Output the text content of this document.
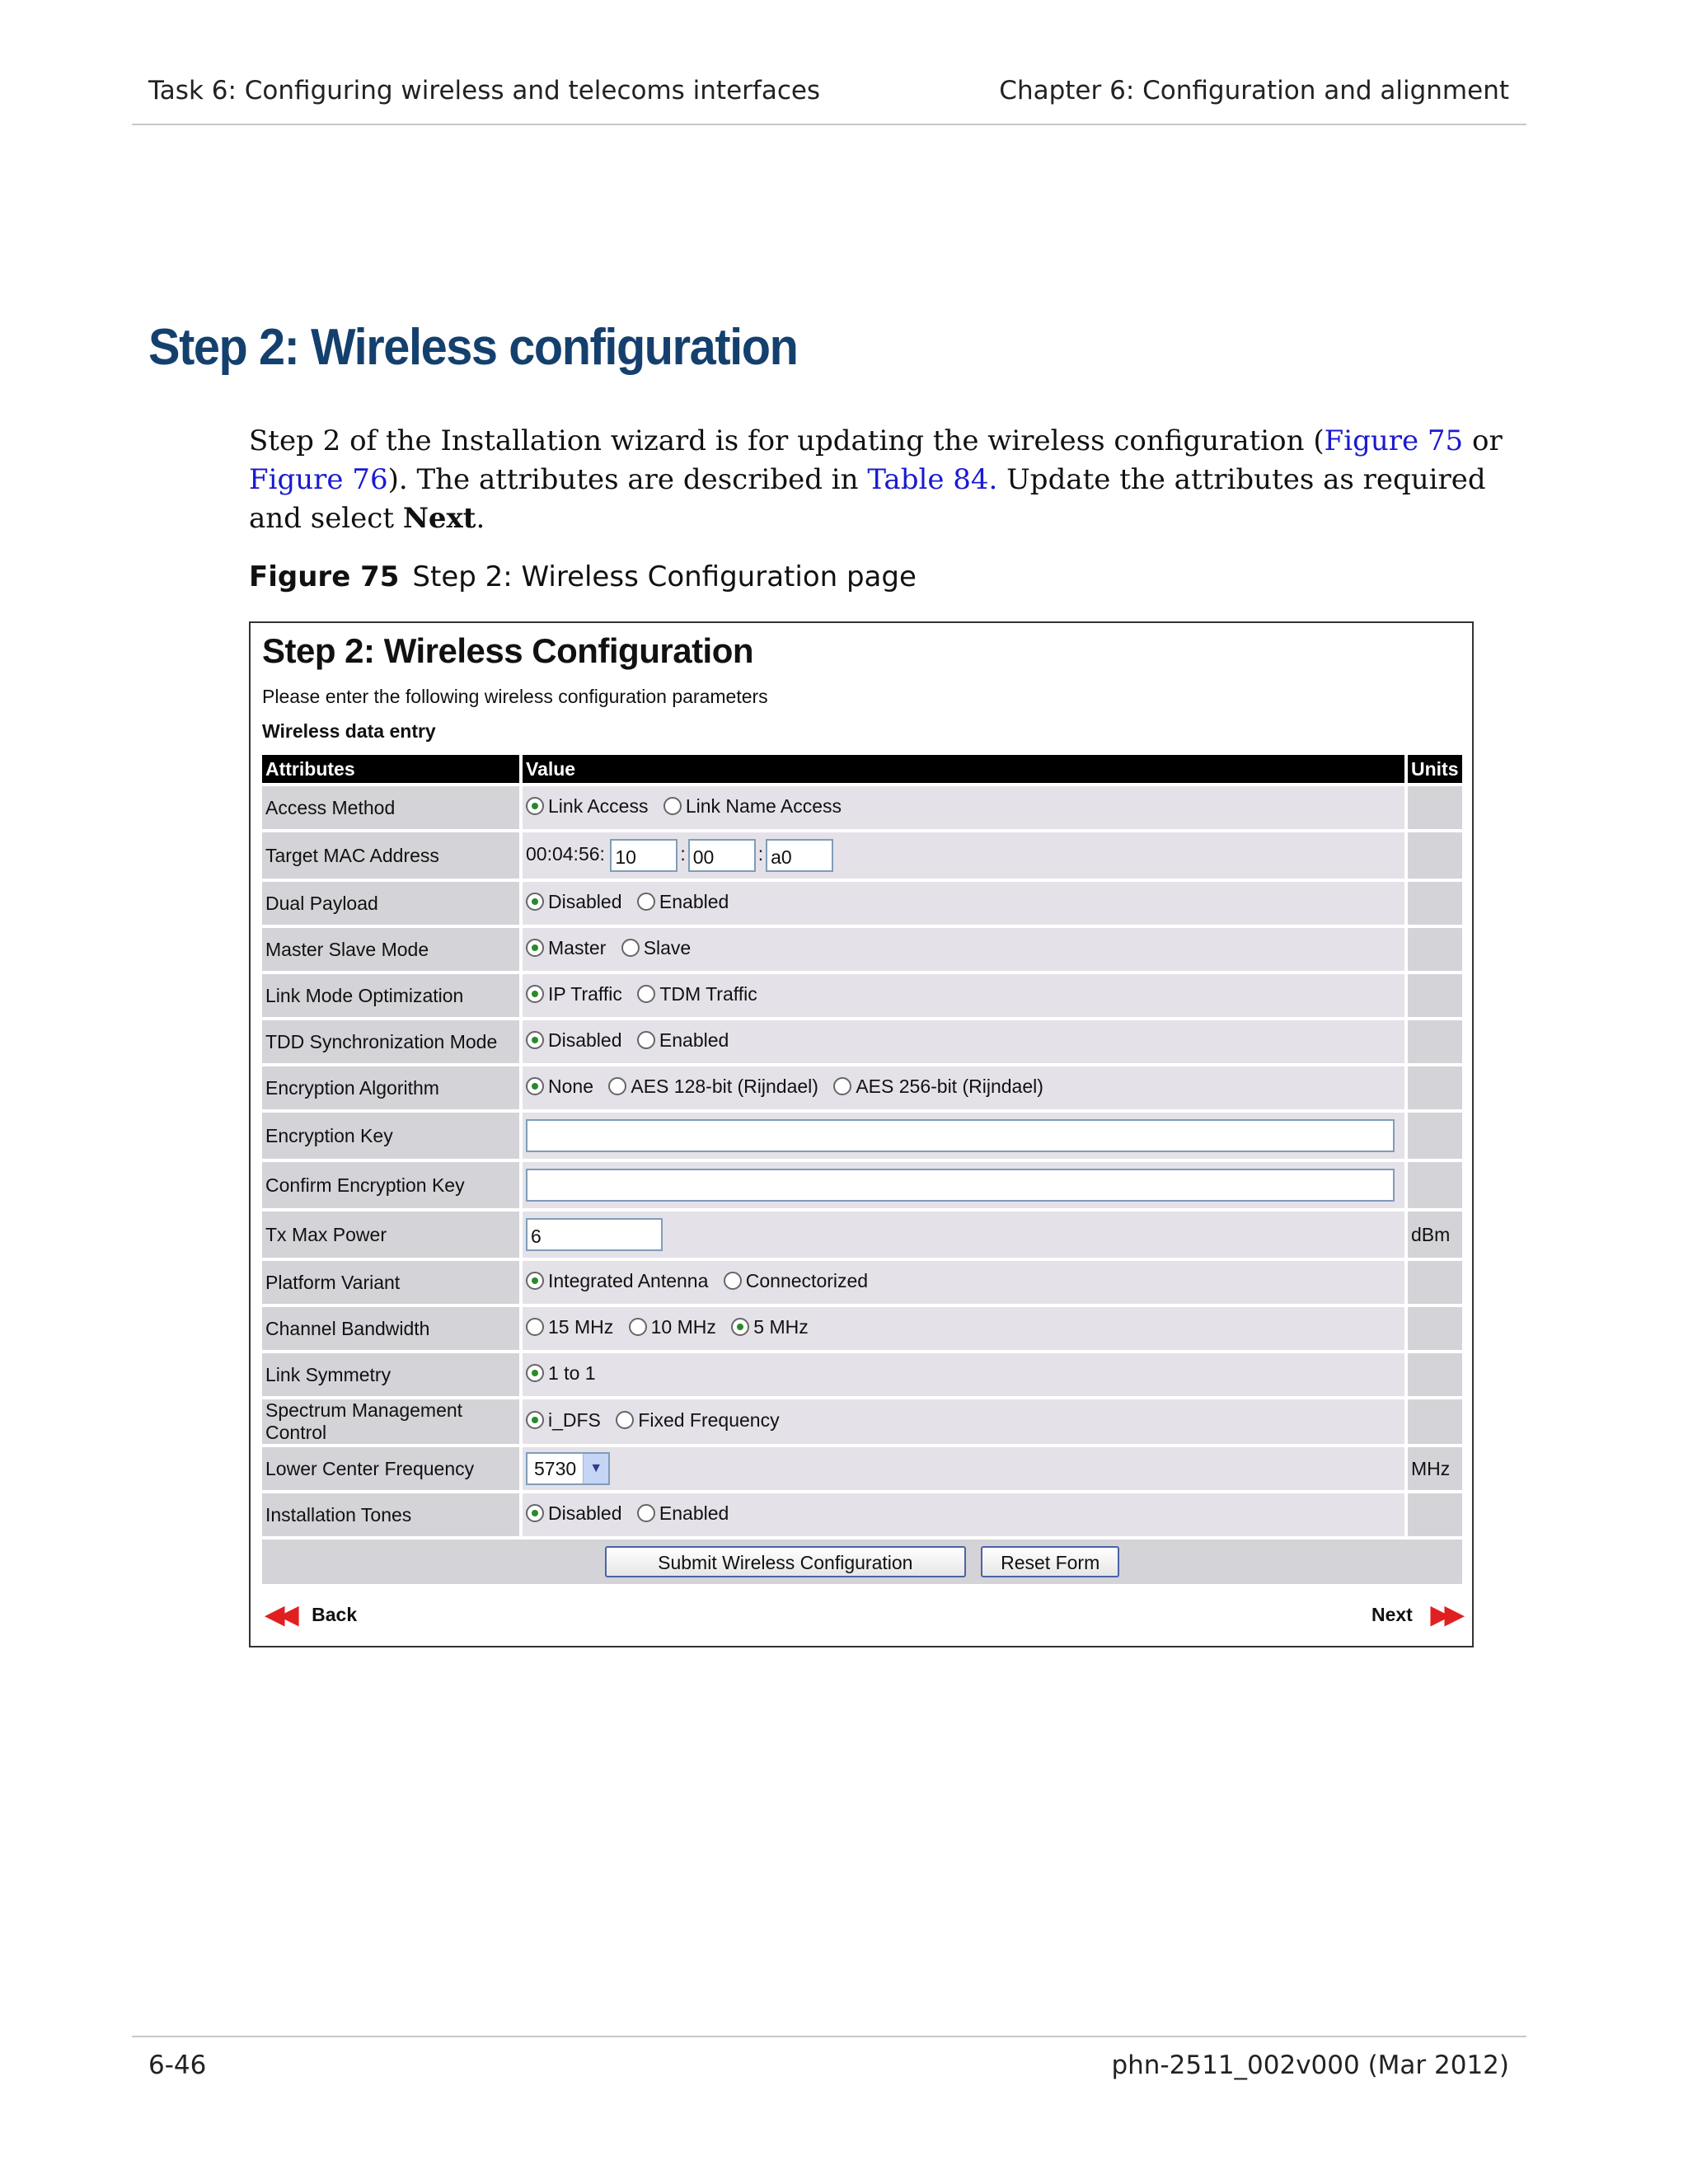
Task 6: Configuring wireless and telecoms interfaces	Chapter 6: Configuration and alignment
Step 2: Wireless configuration

Step 2 of the Installation wizard is for updating the wireless configuration (Figure 75 or Figure 76). The attributes are described in Table 84. Update the attributes as required and select Next.

Figure 75 Step 2: Wireless Configuration page
Step 2: Wireless Configuration
Please enter the following wireless configuration parameters
Wireless data entry
Attributes	Value	Units
Access Method	Link Access
Link Name Access	

Target MAC Address	00:04:56: 10 : 00 : a0	
Dual Payload	Disabled
Enabled	

Master Slave Mode	Master
Slave	

Link Mode Optimization	IP Traffic
TDM Traffic	

TDD Synchronization Mode	Disabled
Enabled	

Encryption Algorithm	None
AES 128-bit (Rijndael)
AES 256-bit (Rijndael)	

Encryption Key		
Confirm Encryption Key		
Tx Max Power	6	dBm
Platform Variant	Integrated Antenna
Connectorized	

Channel Bandwidth	15 MHz
10 MHz
5 MHz	

Link Symmetry	1 to 1	

Spectrum Management Control	i_DFS
Fixed Frequency	

Lower Center Frequency	5730 ▼	MHz
Installation Tones	Disabled
Enabled	

Submit Wireless Configuration Reset Form		
◀◀ Back	Next ▶▶
6-46	phn-2511_002v000 (Mar 2012)
